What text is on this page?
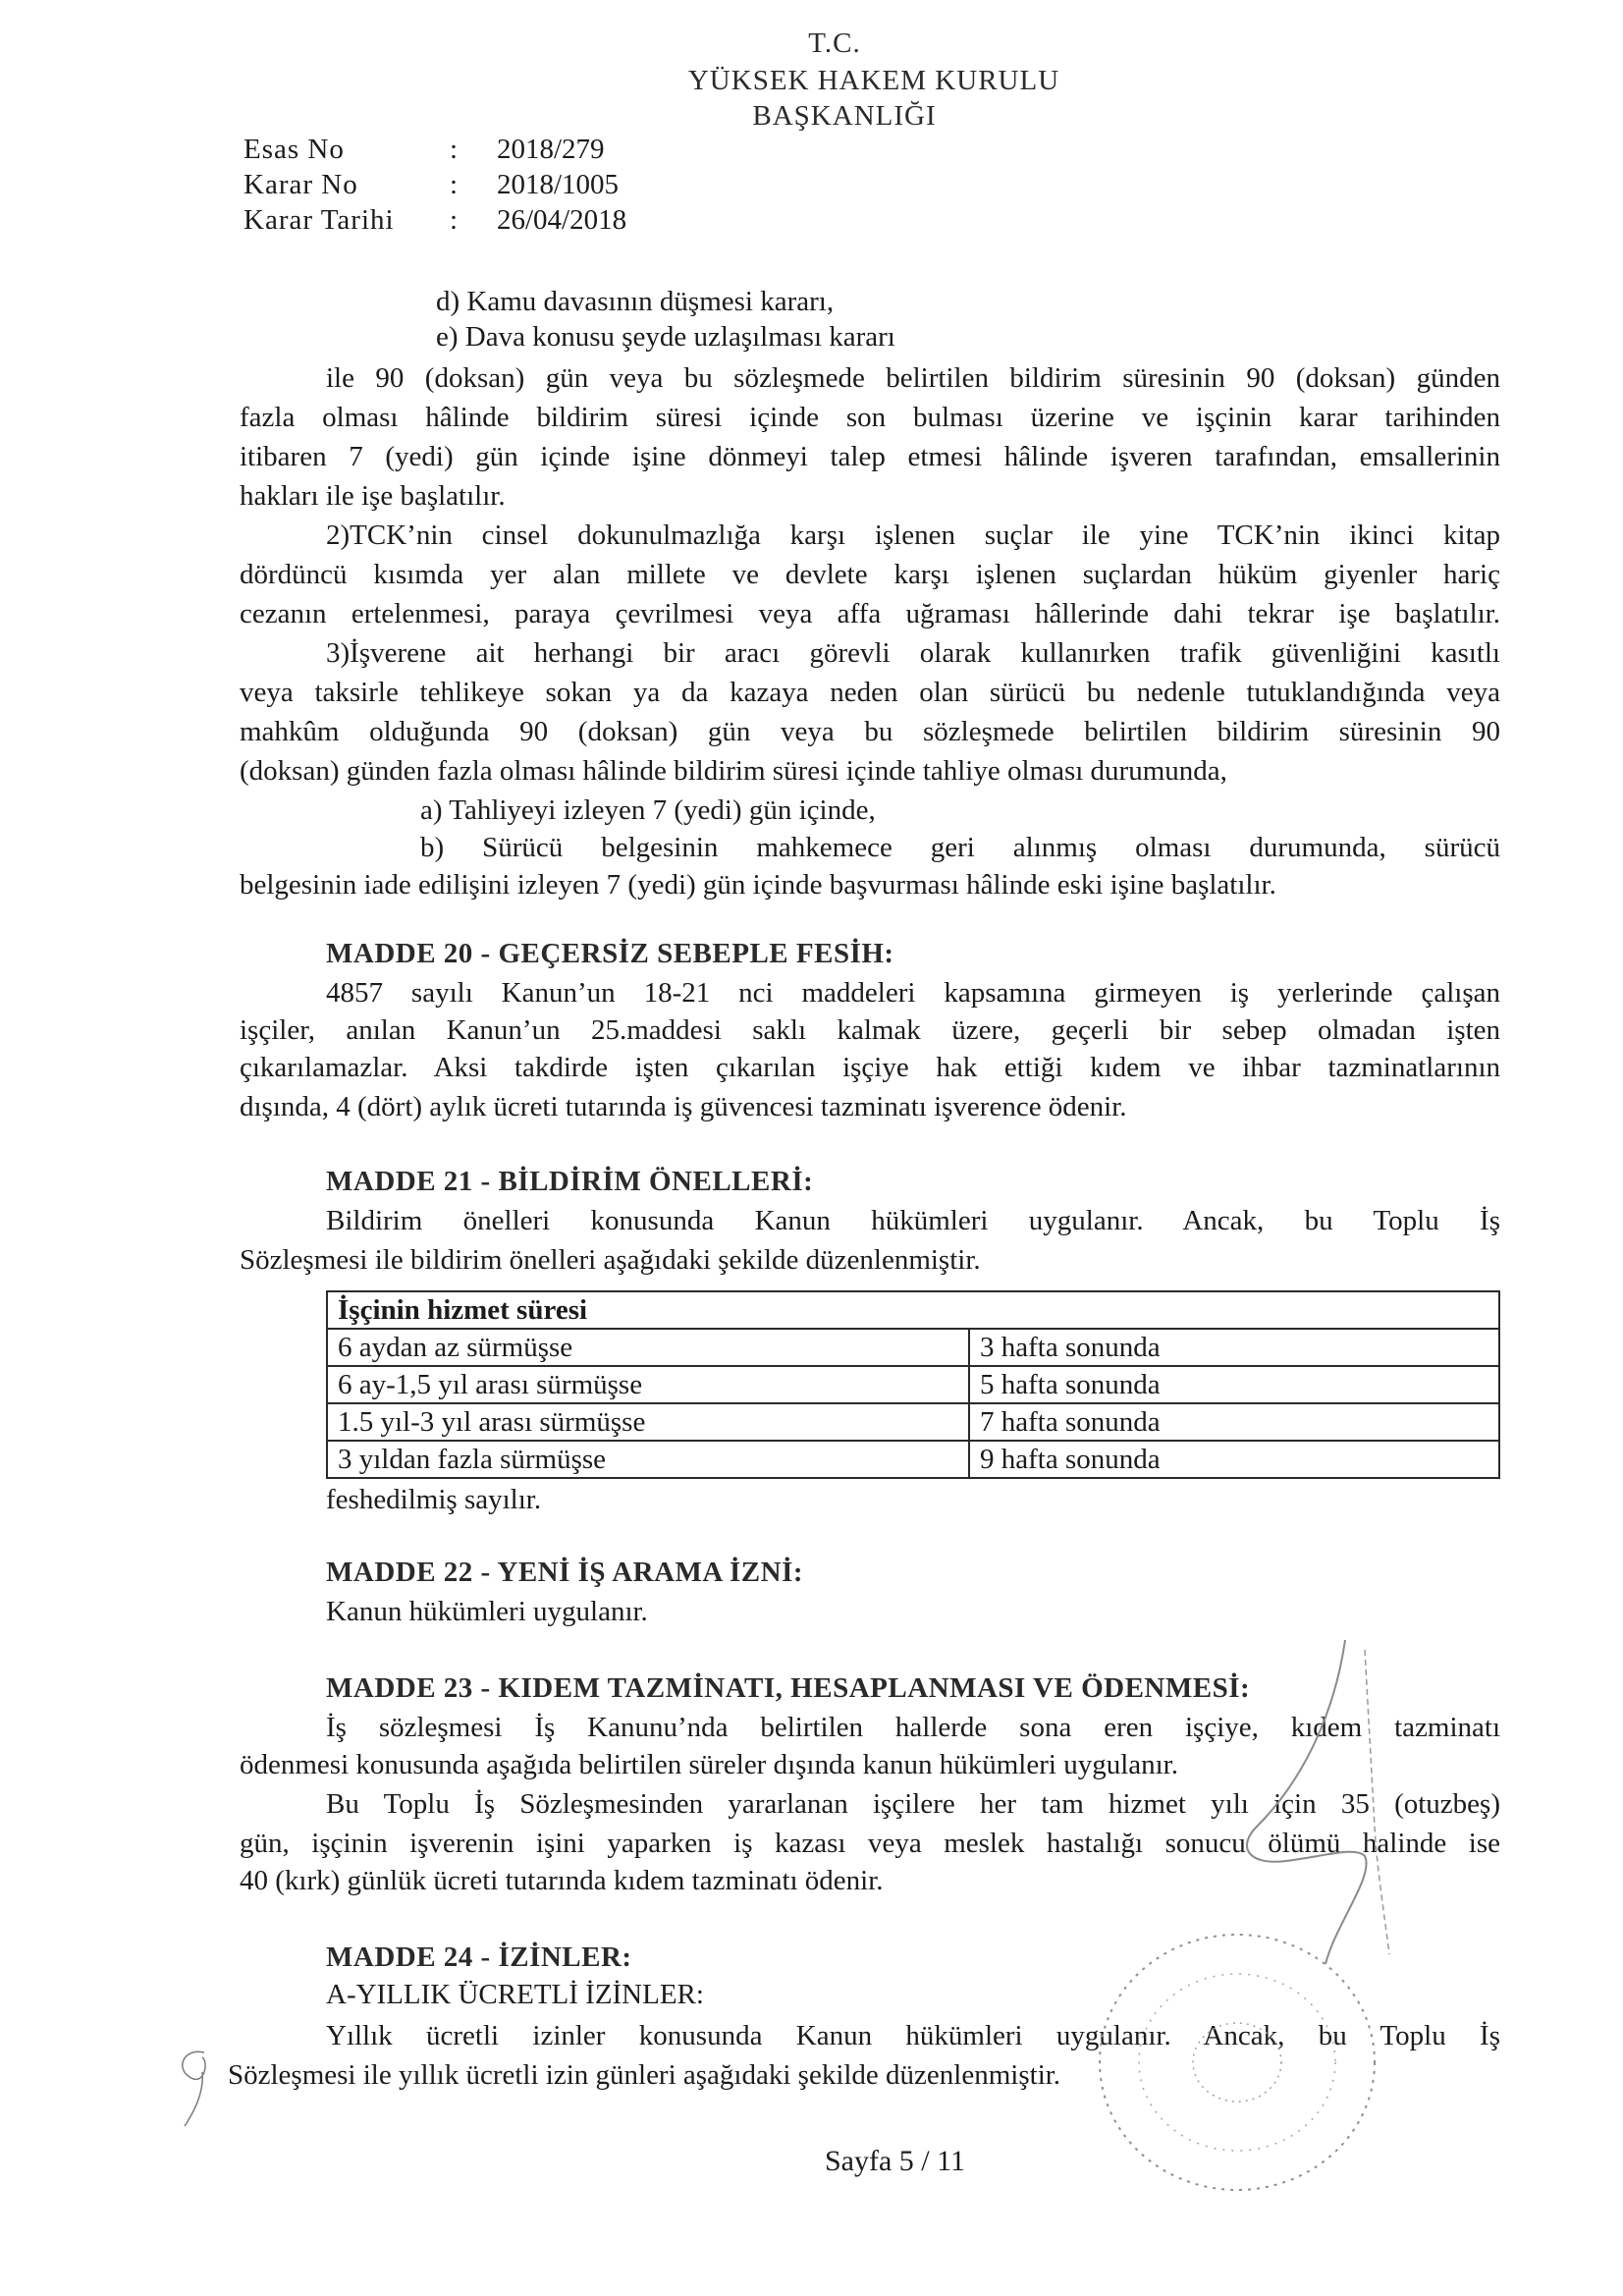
T.C.
YÜKSEK HAKEM KURULU
BAŞKANLIĞI
Esas No	: 2018/279
Karar No	: 2018/1005
Karar Tarihi : 26/04/2018
d) Kamu davasının düşmesi kararı,
e) Dava konusu şeyde uzlaşılması kararı
ile 90 (doksan) gün veya bu sözleşmede belirtilen bildirim süresinin 90 (doksan) günden
fazla olması hâlinde bildirim süresi içinde son bulması üzerine ve işçinin karar tarihinden
itibaren 7 (yedi) gün içinde işine dönmeyi talep etmesi hâlinde işveren tarafından, emsallerinin
hakları ile işe başlatılır.
2)TCK’nin cinsel dokunulmazlığa karşı işlenen suçlar ile yine TCK’nin ikinci kitap
dördüncü kısımda yer alan millete ve devlete karşı işlenen suçlardan hüküm giyenler hariç
cezanın ertelenmesi, paraya çevrilmesi veya affa uğraması hâllerinde dahi tekrar işe başlatılır.
3)İşverene ait herhangi bir aracı görevli olarak kullanırken trafik güvenliğini kasıtlı
veya taksirle tehlikeye sokan ya da kazaya neden olan sürücü bu nedenle tutuklandığında veya
mahkûm olduğunda 90 (doksan) gün veya bu sözleşmede belirtilen bildirim süresinin 90
(doksan) günden fazla olması hâlinde bildirim süresi içinde tahliye olması durumunda,
a) Tahliyeyi izleyen 7 (yedi) gün içinde,
b) Sürücü belgesinin mahkemece geri alınmış olması durumunda, sürücü
belgesinin iade edilişini izleyen 7 (yedi) gün içinde başvurması hâlinde eski işine başlatılır.
MADDE 20 - GEÇERSİZ SEBEPLE FESİH:
4857 sayılı Kanun’un 18-21 nci maddeleri kapsamına girmeyen iş yerlerinde çalışan
işçiler, anılan Kanun’un 25.maddesi saklı kalmak üzere, geçerli bir sebep olmadan işten
çıkarılamazlar. Aksi takdirde işten çıkarılan işçiye hak ettiği kıdem ve ihbar tazminatlarının
dışında, 4 (dört) aylık ücreti tutarında iş güvencesi tazminatı işverence ödenir.
MADDE 21 - BİLDİRİM ÖNELLERİ:
Bildirim önelleri konusunda Kanun hükümleri uygulanır. Ancak, bu Toplu İş
Sözleşmesi ile bildirim önelleri aşağıdaki şekilde düzenlenmiştir.
İşçinin hizmet süresi	
6 aydan az sürmüşse	3 hafta sonunda
6 ay-1,5 yıl arası sürmüşse	5 hafta sonunda
1.5 yıl-3 yıl arası sürmüşse	7 hafta sonunda
3 yıldan fazla sürmüşse	9 hafta sonunda
feshedilmiş sayılır.
MADDE 22 - YENİ İŞ ARAMA İZNİ:
Kanun hükümleri uygulanır.
MADDE 23 - KIDEM TAZMİNATI, HESAPLANMASI VE ÖDENMESİ:
İş sözleşmesi İş Kanunu’nda belirtilen hallerde sona eren işçiye, kıdem tazminatı
ödenmesi konusunda aşağıda belirtilen süreler dışında kanun hükümleri uygulanır.
Bu Toplu İş Sözleşmesinden yararlanan işçilere her tam hizmet yılı için 35 (otuzbeş)
gün, işçinin işverenin işini yaparken iş kazası veya meslek hastalığı sonucu ölümü halinde ise
40 (kırk) günlük ücreti tutarında kıdem tazminatı ödenir.
MADDE 24 - İZİNLER:
A-YILLIK ÜCRETLİ İZİNLER:
Yıllık ücretli izinler konusunda Kanun hükümleri uygulanır. Ancak, bu Toplu İş
Sözleşmesi ile yıllık ücretli izin günleri aşağıdaki şekilde düzenlenmiştir.
Sayfa 5 / 11
